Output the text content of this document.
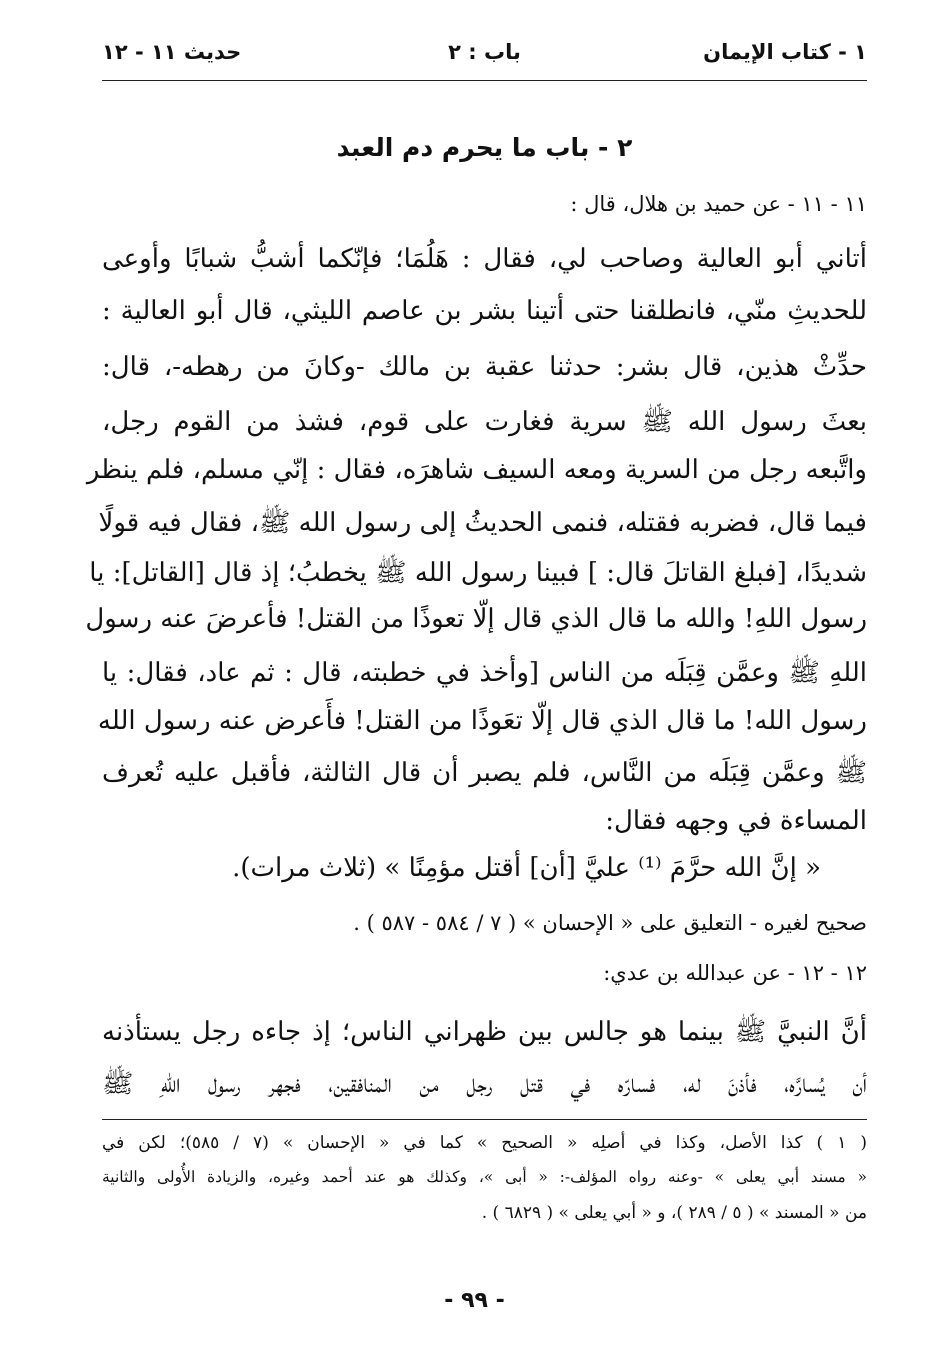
١ - كتاب الإيمان
باب : ٢
حديث ١١ - ١٢
٢ - باب ما يحرم دم العبد
١١ - ١١ - عن حميد بن هلال، قال :
أتاني أبو العالية وصاحب لي، فقال : هَلُمَا؛ فإنّكما أشبُّ شبابًا وأوعى
للحديثِ منّي، فانطلقنا حتى أتينا بشر بن عاصم الليثي، قال أبو العالية :
حدِّثْ هذين، قال بشر: حدثنا عقبة بن مالك -وكانَ من رهطه-، قال:
بعثَ رسول الله ﷺ سرية فغارت على قوم، فشذ من القوم رجل،
واتَّبعه رجل من السرية ومعه السيف شاهرَه، فقال : إنّي مسلم، فلم ينظر
فيما قال، فضربه فقتله، فنمى الحديثُ إلى رسول الله ﷺ، فقال فيه قولًا
شديدًا، [فبلغ القاتلَ قال: ] فبينا رسول الله ﷺ يخطبُ؛ إذ قال [القاتل]: يا
رسول اللهِ! والله ما قال الذي قال إلّا تعوذًا من القتل! فأعرضَ عنه رسول
اللهِ ﷺ وعمَّن قِبَلَه من الناس [وأخذ في خطبته، قال : ثم عاد، فقال: يا
رسول الله! ما قال الذي قال إلّا تعَوذًا من القتل! فأَعرض عنه رسول الله
ﷺ وعمَّن قِبَلَه من النَّاس، فلم يصبر أن قال الثالثة، فأقبل عليه تُعرف
المساءة في وجهه فقال:
« إنَّ الله حرَّمَ ⁽¹⁾ عليَّ [أن] أقتل مؤمِنًا » (ثلاث مرات).
صحيح لغيره - التعليق على « الإحسان » ( ٧ / ٥٨٤ - ٥٨٧ ) .
١٢ - ١٢ - عن عبدالله بن عدي:
أنَّ النبيَّ ﷺ بينما هو جالس بين ظهراني الناس؛ إذ جاءه رجل يستأذنه
أن يُسارَّه، فأذنَ له، فسارّه في قتل رجل من المنافقين، فجهر رسول اللهِ ﷺ
( ١ ) كذا الأصل، وكذا في أصلِه « الصحيح » كما في « الإحسان » (٧ / ٥٨٥)؛ لكن في
« مسند أبي يعلى » -وعنه رواه المؤلف-: « أبى »، وكذلك هو عند أحمد وغيره، والزيادة الأُولى والثانية
من « المسند » ( ٥ / ٢٨٩ )، و « أبي يعلى » ( ٦٨٢٩ ) .
- ٩٩ -
